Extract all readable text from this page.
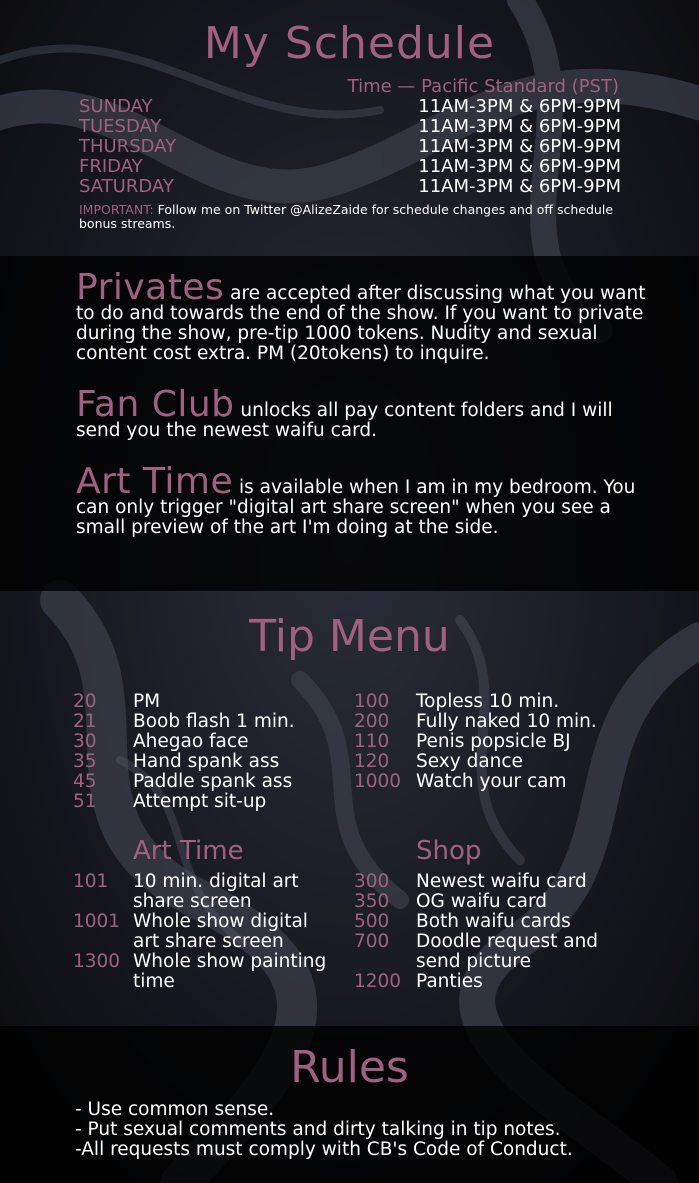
My Schedule
Time — Pacific Standard (PST)
SUNDAY	11AM-3PM & 6PM-9PM
TUESDAY	11AM-3PM & 6PM-9PM
THURSDAY	11AM-3PM & 6PM-9PM
FRIDAY	11AM-3PM & 6PM-9PM
SATURDAY	11AM-3PM & 6PM-9PM
IMPORTANT: Follow me on Twitter @AlizeZaide for schedule changes and off schedule bonus streams.
Privates are accepted after discussing what you want to do and towards the end of the show. If you want to private during the show, pre-tip 1000 tokens. Nudity and sexual content cost extra. PM (20tokens) to inquire.
Fan Club unlocks all pay content folders and I will send you the newest waifu card.
Art Time is available when I am in my bedroom. You can only trigger "digital art share screen" when you see a small preview of the art I'm doing at the side.
Tip Menu
20 PM
21 Boob flash 1 min.
30 Ahegao face
35 Hand spank ass
45 Paddle spank ass
51 Attempt sit-up
100 Topless 10 min.
200 Fully naked 10 min.
110 Penis popsicle BJ
120 Sexy dance
1000 Watch your cam
Art Time	Shop
101 10 min. digital art
share screen
1001 Whole show digital
art share screen
1300 Whole show painting
time
300 Newest waifu card
350 OG waifu card
500 Both waifu cards
700 Doodle request and
send picture
1200 Panties
Rules
- Use common sense.
- Put sexual comments and dirty talking in tip notes.
-All requests must comply with CB's Code of Conduct.
